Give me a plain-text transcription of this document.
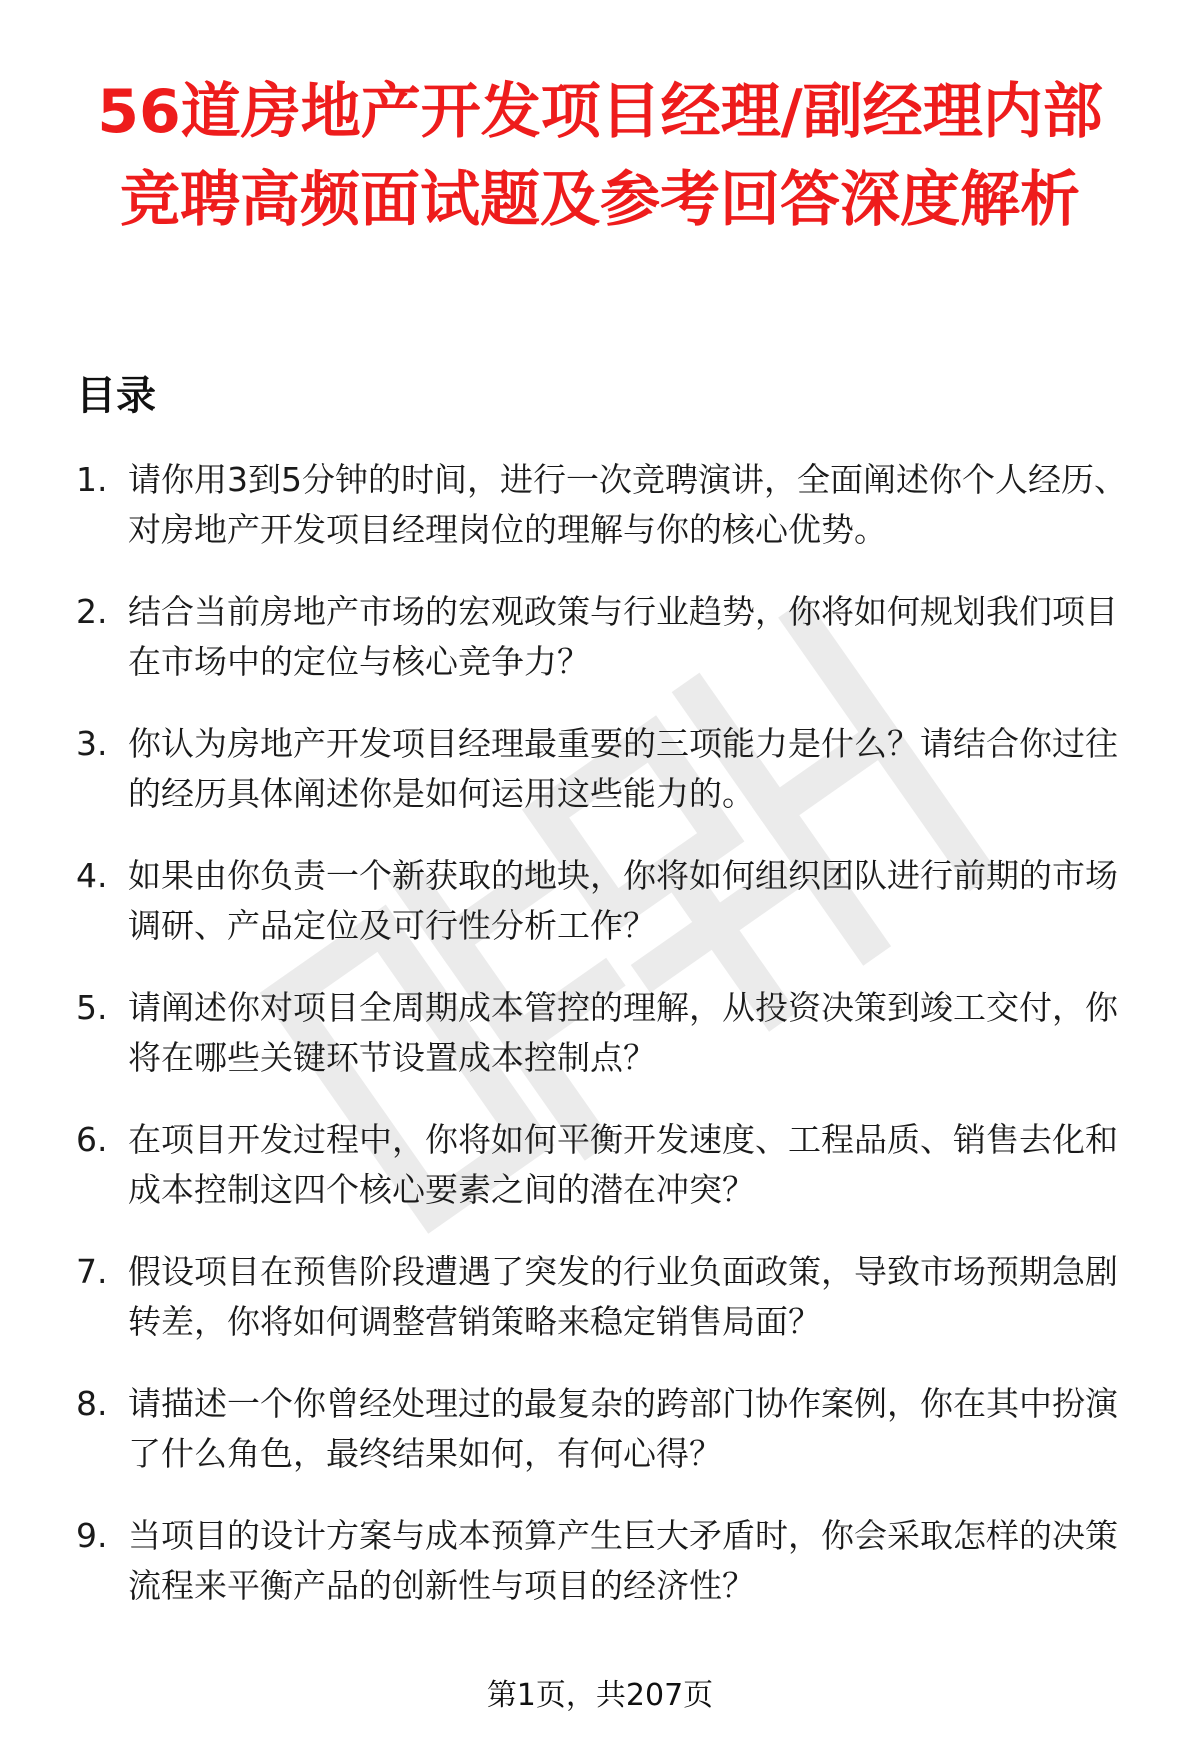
56道房地产开发项目经理/副经理内部竞聘高频面试题及参考回答深度解析
目录
1. 请你用3到5分钟的时间，进行一次竞聘演讲，全面阐述你个人经历、对房地产开发项目经理岗位的理解与你的核心优势。
2. 结合当前房地产市场的宏观政策与行业趋势，你将如何规划我们项目在市场中的定位与核心竞争力？
3. 你认为房地产开发项目经理最重要的三项能力是什么？请结合你过往的经历具体阐述你是如何运用这些能力的。
4. 如果由你负责一个新获取的地块，你将如何组织团队进行前期的市场调研、产品定位及可行性分析工作？
5. 请阐述你对项目全周期成本管控的理解，从投资决策到竣工交付，你将在哪些关键环节设置成本控制点？
6. 在项目开发过程中，你将如何平衡开发速度、工程品质、销售去化和成本控制这四个核心要素之间的潜在冲突？
7. 假设项目在预售阶段遭遇了突发的行业负面政策，导致市场预期急剧转差，你将如何调整营销策略来稳定销售局面？
8. 请描述一个你曾经处理过的最复杂的跨部门协作案例，你在其中扮演了什么角色，最终结果如何，有何心得？
9. 当项目的设计方案与成本预算产生巨大矛盾时，你会采取怎样的决策流程来平衡产品的创新性与项目的经济性？
第1页，共207页
